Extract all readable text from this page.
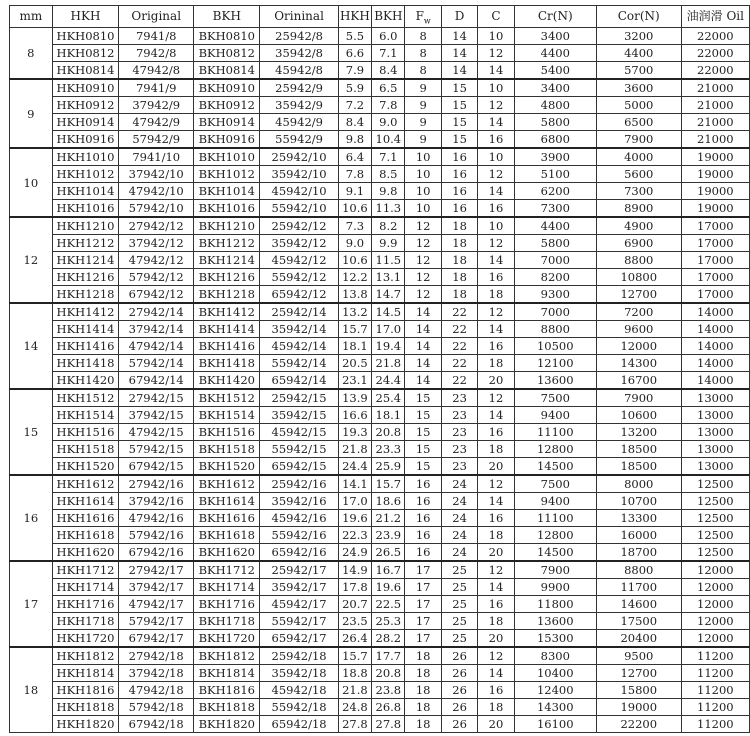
mm	HKH	Original	BKH	Orininal	HKH	BKH	$F_w$	D	C	Cr(N)	Cor(N)	油润滑 Oil
8	HKH0810	7941/8	BKH0810	25942/8	5.5	6.0	8	14	10	3400	3200	22000
	HKH0812	7942/8	BKH0812	35942/8	6.6	7.1	8	14	12	4400	4400	22000
	HKH0814	47942/8	BKH0814	45942/8	7.9	8.4	8	14	14	5400	5700	22000
9	HKH0910	7941/9	BKH0910	25942/9	5.9	6.5	9	15	10	3400	3600	21000
	HKH0912	37942/9	BKH0912	35942/9	7.2	7.8	9	15	12	4800	5000	21000
	HKH0914	47942/9	BKH0914	45942/9	8.4	9.0	9	15	14	5800	6500	21000
	HKH0916	57942/9	BKH0916	55942/9	9.8	10.4	9	15	16	6800	7900	21000
10	HKH1010	7941/10	BKH1010	25942/10	6.4	7.1	10	16	10	3900	4000	19000
	HKH1012	37942/10	BKH1012	35942/10	7.8	8.5	10	16	12	5100	5600	19000
	HKH1014	47942/10	BKH1014	45942/10	9.1	9.8	10	16	14	6200	7300	19000
	HKH1016	57942/10	BKH1016	55942/10	10.6	11.3	10	16	16	7300	8900	19000
12	HKH1210	27942/12	BKH1210	25942/12	7.3	8.2	12	18	10	4400	4900	17000
	HKH1212	37942/12	BKH1212	35942/12	9.0	9.9	12	18	12	5800	6900	17000
	HKH1214	47942/12	BKH1214	45942/12	10.6	11.5	12	18	14	7000	8800	17000
	HKH1216	57942/12	BKH1216	55942/12	12.2	13.1	12	18	16	8200	10800	17000
	HKH1218	67942/12	BKH1218	65942/12	13.8	14.7	12	18	18	9300	12700	17000
14	HKH1412	27942/14	BKH1412	25942/14	13.2	14.5	14	22	12	7000	7200	14000
	HKH1414	37942/14	BKH1414	35942/14	15.7	17.0	14	22	14	8800	9600	14000
	HKH1416	47942/14	BKH1416	45942/14	18.1	19.4	14	22	16	10500	12000	14000
	HKH1418	57942/14	BKH1418	55942/14	20.5	21.8	14	22	18	12100	14300	14000
	HKH1420	67942/14	BKH1420	65942/14	23.1	24.4	14	22	20	13600	16700	14000
15	HKH1512	27942/15	BKH1512	25942/15	13.9	25.4	15	23	12	7500	7900	13000
	HKH1514	37942/15	BKH1514	35942/15	16.6	18.1	15	23	14	9400	10600	13000
	HKH1516	47942/15	BKH1516	45942/15	19.3	20.8	15	23	16	11100	13200	13000
	HKH1518	57942/15	BKH1518	55942/15	21.8	23.3	15	23	18	12800	18500	13000
	HKH1520	67942/15	BKH1520	65942/15	24.4	25.9	15	23	20	14500	18500	13000
16	HKH1612	27942/16	BKH1612	25942/16	14.1	15.7	16	24	12	7500	8000	12500
	HKH1614	37942/16	BKH1614	35942/16	17.0	18.6	16	24	14	9400	10700	12500
	HKH1616	47942/16	BKH1616	45942/16	19.6	21.2	16	24	16	11100	13300	12500
	HKH1618	57942/16	BKH1618	55942/16	22.3	23.9	16	24	18	12800	16000	12500
	HKH1620	67942/16	BKH1620	65942/16	24.9	26.5	16	24	20	14500	18700	12500
17	HKH1712	27942/17	BKH1712	25942/17	14.9	16.7	17	25	12	7900	8800	12000
	HKH1714	37942/17	BKH1714	35942/17	17.8	19.6	17	25	14	9900	11700	12000
	HKH1716	47942/17	BKH1716	45942/17	20.7	22.5	17	25	16	11800	14600	12000
	HKH1718	57942/17	BKH1718	55942/17	23.5	25.3	17	25	18	13600	17500	12000
	HKH1720	67942/17	BKH1720	65942/17	26.4	28.2	17	25	20	15300	20400	12000
18	HKH1812	27942/18	BKH1812	25942/18	15.7	17.7	18	26	12	8300	9500	11200
	HKH1814	37942/18	BKH1814	35942/18	18.8	20.8	18	26	14	10400	12700	11200
	HKH1816	47942/18	BKH1816	45942/18	21.8	23.8	18	26	16	12400	15800	11200
	HKH1818	57942/18	BKH1818	55942/18	24.8	26.8	18	26	18	14300	19000	11200
	HKH1820	67942/18	BKH1820	65942/18	27.8	27.8	18	26	20	16100	22200	11200
